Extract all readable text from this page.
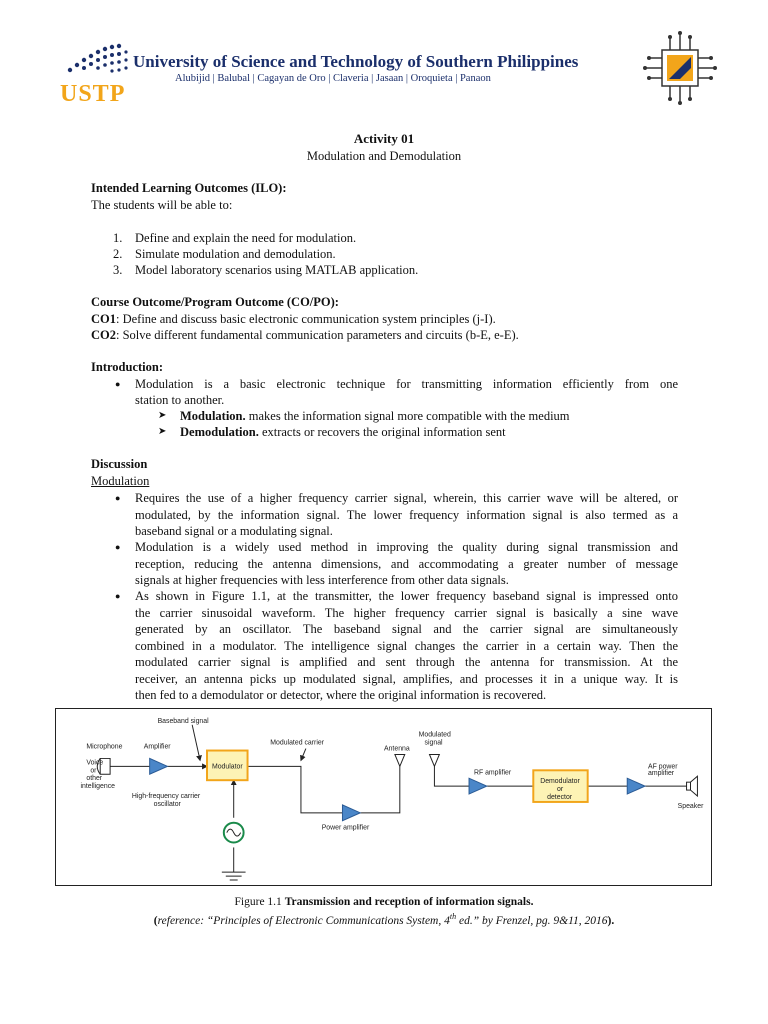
USTP
University of Science and Technology of Southern Philippines
Alubijid | Balubal | Cagayan de Oro | Claveria | Jasaan | Oroquieta | Panaon
Activity 01
Modulation and Demodulation
Intended Learning Outcomes (ILO):
The students will be able to:
1. Define and explain the need for modulation.
2. Simulate modulation and demodulation.
3. Model laboratory scenarios using MATLAB application.
Course Outcome/Program Outcome (CO/PO):
CO1: Define and discuss basic electronic communication system principles (j-I).
CO2: Solve different fundamental communication parameters and circuits (b-E, e-E).
Introduction:
● Modulation is a basic electronic technique for transmitting information efficiently from one
station to another.
➤ Modulation. makes the information signal more compatible with the medium
➤ Demodulation. extracts or recovers the original information sent
Discussion
Modulation
● Requires the use of a higher frequency carrier signal, wherein, this carrier wave will be altered, or
modulated, by the information signal. The lower frequency information signal is also termed as a
baseband signal or a modulating signal.
● Modulation is a widely used method in improving the quality during signal transmission and
reception, reducing the antenna dimensions, and accommodating a greater number of message
signals at higher frequencies with less interference from other data signals.
● As shown in Figure 1.1, at the transmitter, the lower frequency baseband signal is impressed onto
the carrier sinusoidal waveform. The higher frequency carrier signal is basically a sine wave
generated by an oscillator. The baseband signal and the carrier signal are simultaneously
combined in a modulator. The intelligence signal changes the carrier in a certain way. Then the
modulated carrier signal is amplified and sent through the antenna for transmission. At the
receiver, an antenna picks up modulated signal, amplifies, and processes it in a unique way. It is
then fed to a demodulator or detector, where the original information is recovered.
Baseband signal
Microphone
Voice
or
other
intelligence
Amplifier
Modulator
Modulated carrier
High-frequency carrier
oscillator
Power amplifier
Antenna
Modulated
signal
RF amplifier
Demodulator
or
detector
AF power
amplifier
Speaker
Figure 1.1 Transmission and reception of information signals.
(reference: “Principles of Electronic Communications System, 4th ed.” by Frenzel, pg. 9&11, 2016).
